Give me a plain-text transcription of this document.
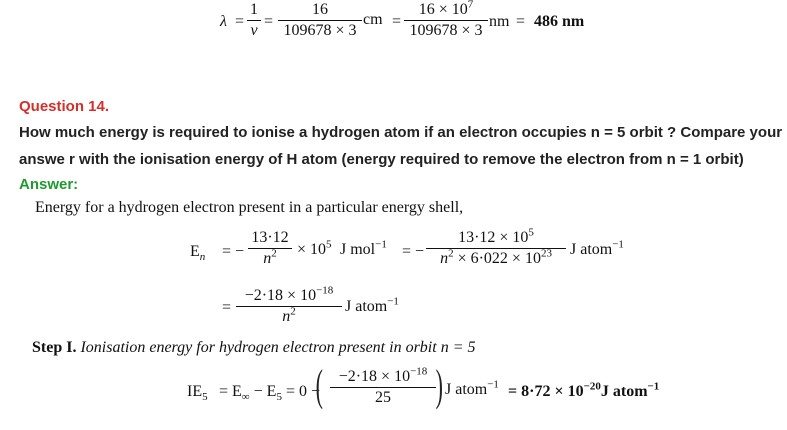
λ =
1
v
=
16
109678 × 3
cm =
$16 \times 10^7$
109678 × 3
nm = 486 nm
Question 14.
How much energy is required to ionise a hydrogen atom if an electron occupies n = 5 orbit ? Compare your
answe r with the ionisation energy of H atom (energy required to remove the electron from n = 1 orbit)
Answer:
Energy for a hydrogen electron present in a particular energy shell,
$E_n$ = −
13·12
$n^2$	× $10^5$ J mol$^{-1}$ = −
$13\cdot 12 \times 10^5$
$n^2 \times 6\cdot 022 \times 10^{23}$	J atom$^{-1}$
=
$-2\cdot 18 \times 10^{-18}$
$n^2$	J atom$^{-1}$
Step I. Ionisation energy for hydrogen electron present in orbit n = 5
$IE_5 = E_\infty - E_5 = 0$ −
( $-2\cdot 18 \times 10^{-18}$
25	) J atom$^{-1}$ = $8\cdot 72 \times 10^{-20}J$ atom$^{-1}$
